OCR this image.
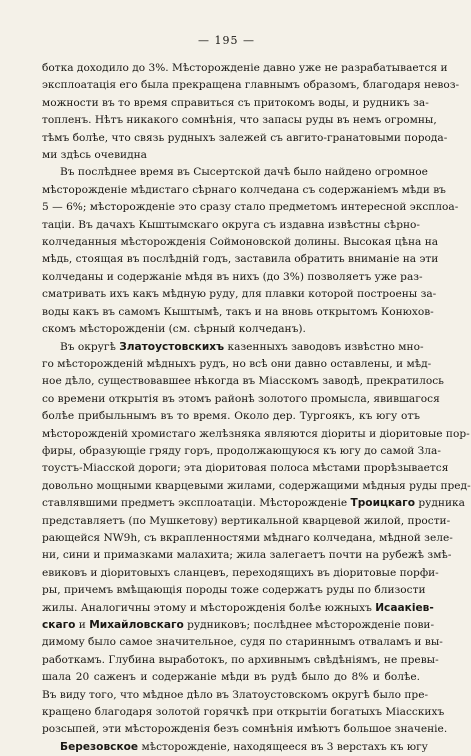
— 195 —
ботка доходило до 3%. Мѣсторожденіе давно уже не разрабатывается и
эксплоатація его была прекращена главнымъ образомъ, благодаря невоз-
можности въ то время справиться съ притокомъ воды, и рудникъ за-
топленъ. Нѣтъ никакого сомнѣнія, что запасы руды въ немъ огромны,
тѣмъ болѣе, что связь рудныхъ залежей съ авгито-гранатовыми порода-
ми здѣсь очевидна
Въ послѣднее время въ Сысертской дачѣ было найдено огромное
мѣсторожденіе мѣдистаго сѣрнаго колчедана съ содержаніемъ мѣди въ
5 — 6%; мѣсторожденіе это сразу стало предметомъ интересной эксплоа-
таціи. Въ дачахъ Кыштымскаго округа съ издавна извѣстны сѣрно-
колчеданныя мѣсторожденія Соймоновской долины. Высокая цѣна на
мѣдь, стоящая въ послѣдній годъ, заставила обратить вниманіе на эти
колчеданы и содержаніе мѣдя въ нихъ (до 3%) позволяетъ уже раз-
сматривать ихъ какъ мѣдную руду, для плавки которой построены за-
воды какъ въ самомъ Кыштымѣ, такъ и на вновь открытомъ Конюхов-
скомъ мѣсторожденіи (см. сѣрный колчеданъ).
Въ округѣ Златоустовскихъ казенныхъ заводовъ извѣстно мно-
го мѣсторожденій мѣдныхъ рудъ, но всѣ они давно оставлены, и мѣд-
ное дѣло, существовавшее нѣкогда въ Міасскомъ заводѣ, прекратилось
со времени открытія въ этомъ районѣ золотого промысла, явившагося
болѣе прибыльнымъ въ то время. Около дер. Тургоякъ, къ югу отъ
мѣсторожденій хромистаго желѣзняка являются діориты и діоритовые пор-
фиры, образующіе гряду горъ, продолжающуюся къ югу до самой Зла-
тоустъ-Міасской дороги; эта діоритовая полоса мѣстами прорѣзывается
довольно мощными кварцевыми жилами, содержащими мѣдныя руды пред-
ставлявшими предметъ эксплоатаціи. Мѣсторожденіе Троицкаго рудника
представляетъ (по Мушкетову) вертикальной кварцевой жилой, прости-
рающейся NW9h, съ вкрапленностями мѣднаго колчедана, мѣдной зеле-
ни, сини и примазками малахита; жила залегаетъ почти на рубежѣ змѣ-
евиковъ и діоритовыхъ сланцевъ, переходящихъ въ діоритовые порфи-
ры, причемъ вмѣщающія породы тоже содержатъ руды по близости
жилы. Аналогичны этому и мѣсторожденія болѣе южныхъ Исаакіев-
скаго и Михайловскаго рудниковъ; послѣднее мѣсторожденіе пови-
димому было самое значительное, судя по стариннымъ отваламъ и вы-
работкамъ. Глубина выработокъ, по архивнымъ свѣдѣніямъ, не превы-
шала 20 саженъ и содержаніе мѣди въ рудѣ было до 8% и болѣе.
Въ виду того, что мѣдное дѣло въ Златоустовскомъ округѣ было пре-
кращено благодаря золотой горячкѣ при открытіи богатыхъ Міасскихъ
розсыпей, эти мѣсторожденія безъ сомнѣнія имѣютъ большое значеніе.
Березовское мѣсторожденіе, находящееся въ 3 верстахъ къ югу
